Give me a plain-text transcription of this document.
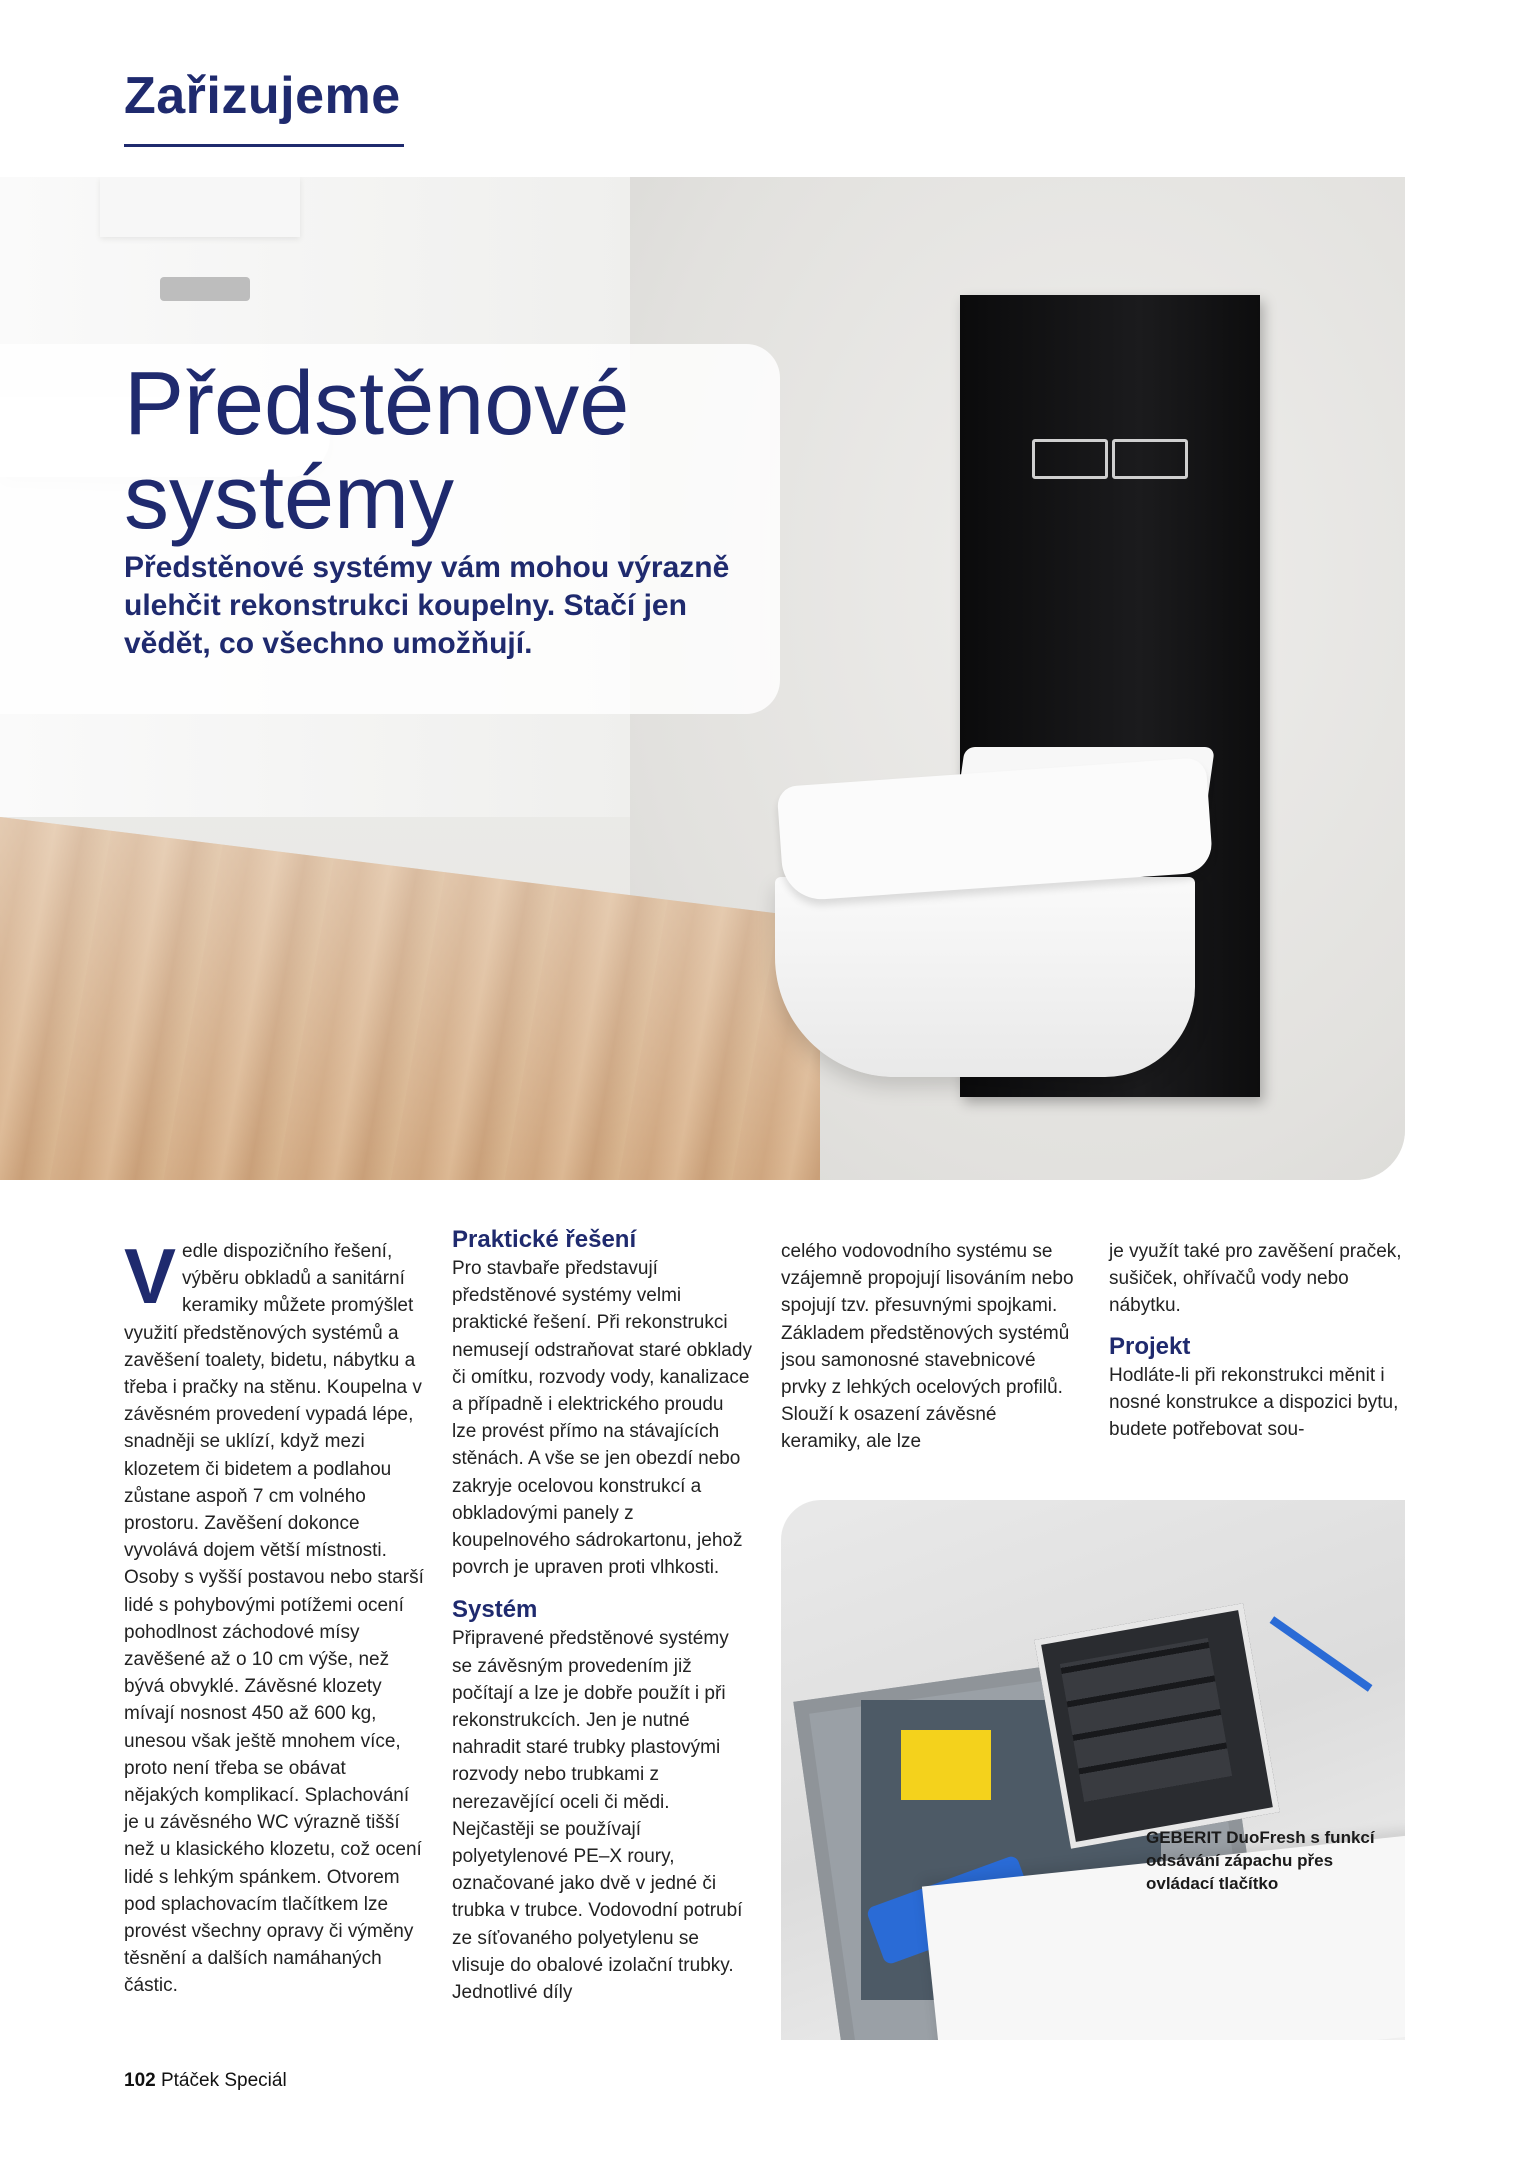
Zařizujeme
Předstěnové systémy
Předstěnové systémy vám mohou výrazně ulehčit rekonstrukci koupelny. Stačí jen vědět, co všechno umožňují.
V edle dispozičního řešení, výběru obkladů a sanitární keramiky můžete promýšlet využití předstěnových systémů a zavěšení toalety, bidetu, nábytku a třeba i pračky na stěnu. Koupelna v závěsném provedení vypadá lépe, snadněji se uklízí, když mezi klozetem či bidetem a podlahou zůstane aspoň 7 cm volného prostoru. Zavěšení dokonce vyvolává dojem větší místnosti. Osoby s vyšší postavou nebo starší lidé s pohybovými potížemi ocení pohodlnost záchodové mísy zavěšené až o 10 cm výše, než bývá obvyklé. Závěsné klozety mívají nosnost 450 až 600 kg, unesou však ještě mnohem více, proto není třeba se obávat nějakých komplikací. Splachování je u závěsného WC výrazně tišší než u klasického klozetu, což ocení lidé s lehkým spánkem. Otvorem pod splachovacím tlačítkem lze provést všechny opravy či výměny těsnění a dalších namáhaných částic.

Praktické řešení

Pro stavbaře představují předstěnové systémy velmi praktické řešení. Při rekonstrukci nemusejí odstraňovat staré obklady či omítku, rozvody vody, kanalizace a případně i elektrického proudu lze provést přímo na stávajících stěnách. A vše se jen obezdí nebo zakryje ocelovou konstrukcí a obkladovými panely z koupelnového sádrokartonu, jehož povrch je upraven proti vlhkosti.

Systém

Připravené předstěnové systémy se závěsným provedením již počítají a lze je dobře použít i při rekonstrukcích. Jen je nutné nahradit staré trubky plastovými rozvody nebo trubkami z nerezavějící oceli či mědi. Nejčastěji se používají polyetylenové PE–X roury, označované jako dvě v jedné či trubka v trubce. Vodovodní potrubí ze síťovaného polyetylenu se vlisuje do obalové izolační trubky. Jednotlivé díly

celého vodovodního systému se vzájemně propojují lisováním nebo spojují tzv. přesuvnými spojkami. Základem předstěnových systémů jsou samonosné stavebnicové prvky z lehkých ocelových profilů. Slouží k osazení závěsné keramiky, ale lze

je využít také pro zavěšení praček, sušiček, ohřívačů vody nebo nábytku.

Projekt

Hodláte-li při rekonstrukci měnit i nosné konstrukce a dispozici bytu, budete potřebovat sou-

GEBERIT DuoFresh s funkcí odsávání zápachu přes ovládací tlačítko
102 Ptáček Speciál
